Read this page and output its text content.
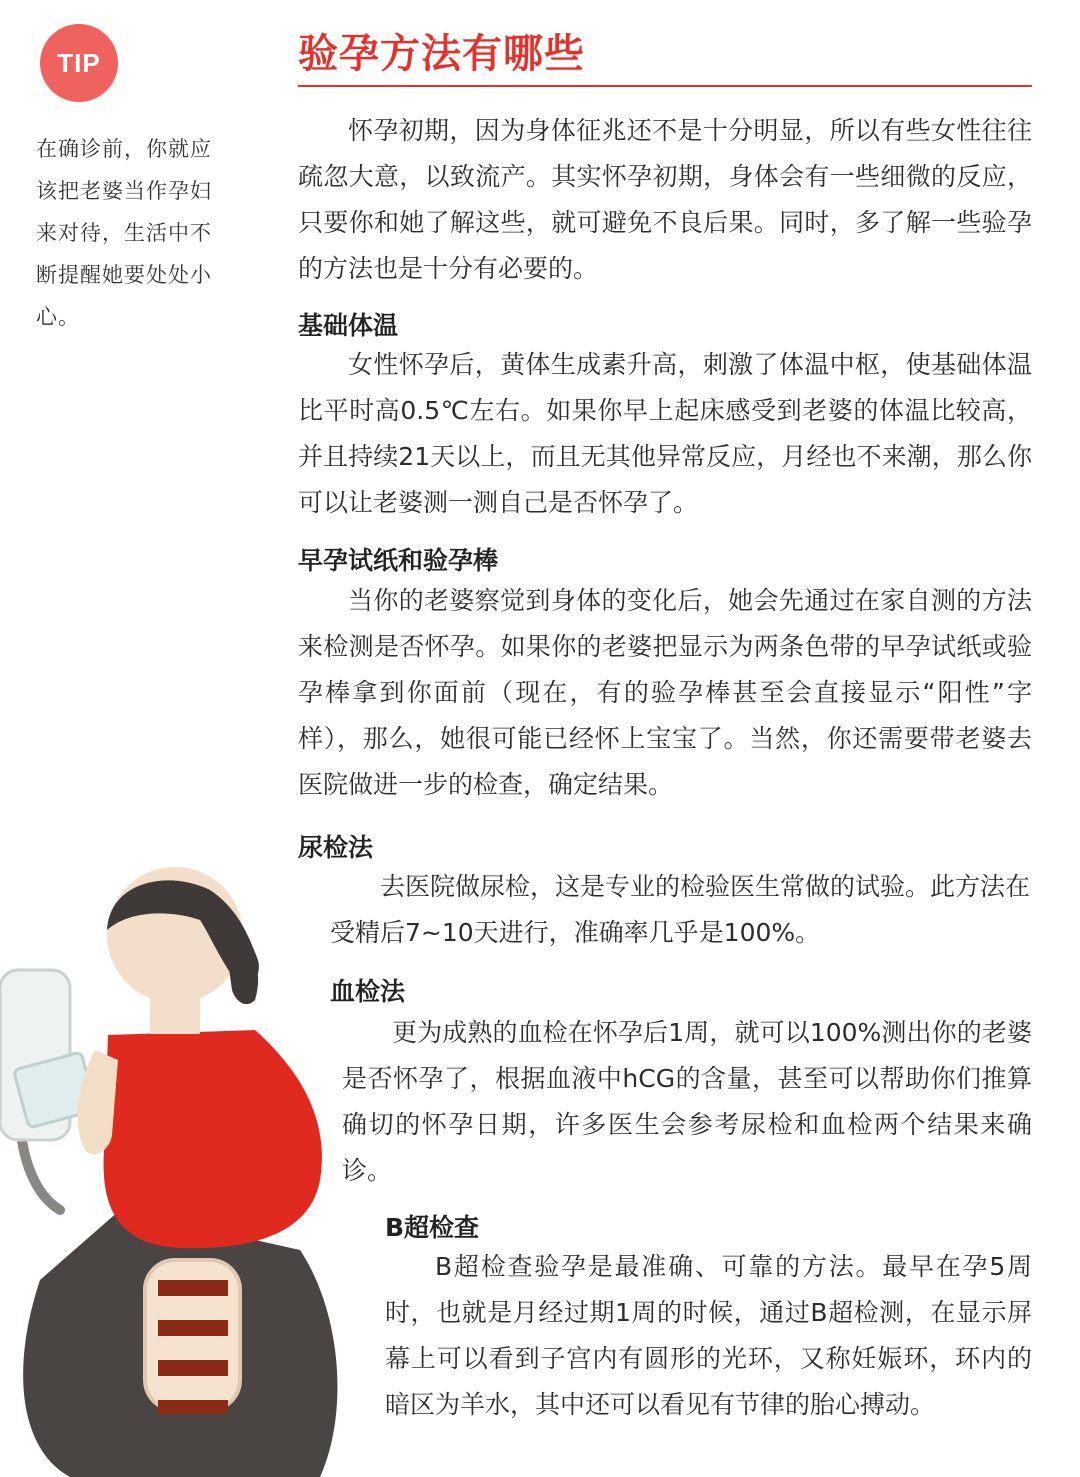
TIP

在确诊前，你就应该把老婆当作孕妇来对待，生活中不断提醒她要处处小心。

验孕方法有哪些

怀孕初期，因为身体征兆还不是十分明显，所以有些女性往往疏忽大意，以致流产。其实怀孕初期，身体会有一些细微的反应，只要你和她了解这些，就可避免不良后果。同时，多了解一些验孕的方法也是十分有必要的。

基础体温

女性怀孕后，黄体生成素升高，刺激了体温中枢，使基础体温比平时高0.5℃左右。如果你早上起床感受到老婆的体温比较高，并且持续21天以上，而且无其他异常反应，月经也不来潮，那么你可以让老婆测一测自己是否怀孕了。

早孕试纸和验孕棒

当你的老婆察觉到身体的变化后，她会先通过在家自测的方法来检测是否怀孕。如果你的老婆把显示为两条色带的早孕试纸或验孕棒拿到你面前（现在，有的验孕棒甚至会直接显示“阳性”字样），那么，她很可能已经怀上宝宝了。当然，你还需要带老婆去医院做进一步的检查，确定结果。

尿检法

去医院做尿检，这是专业的检验医生常做的试验。此方法在受精后7~10天进行，准确率几乎是100%。

血检法

更为成熟的血检在怀孕后1周，就可以100%测出你的老婆是否怀孕了，根据血液中hCG的含量，甚至可以帮助你们推算确切的怀孕日期，许多医生会参考尿检和血检两个结果来确诊。

B超检查

B超检查验孕是最准确、可靠的方法。最早在孕5周时，也就是月经过期1周的时候，通过B超检测，在显示屏幕上可以看到子宫内有圆形的光环，又称妊娠环，环内的暗区为羊水，其中还可以看见有节律的胎心搏动。
